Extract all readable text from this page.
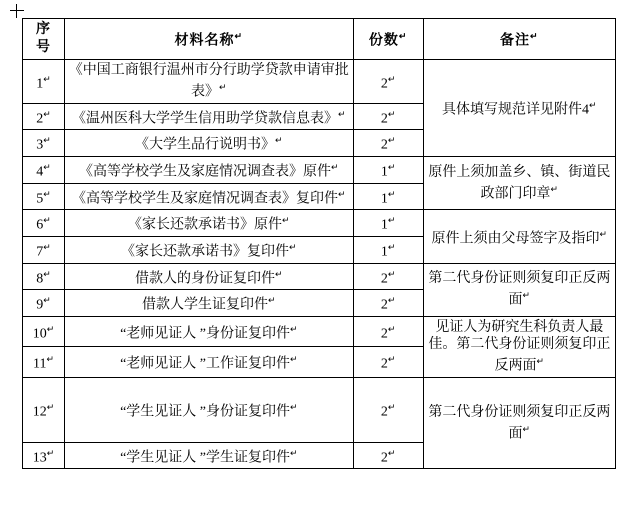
序
号	材料名称↵	份数↵	备注↵
1↵	《中国工商银行温州市分行助学贷款申请审批表》↵	2↵	具体填写规范详见附件4↵
2↵	《温州医科大学学生信用助学贷款信息表》↵	2↵
3↵	《大学生品行说明书》↵	2↵
4↵	《高等学校学生及家庭情况调查表》原件↵	1↵	原件上须加盖乡、镇、街道民政部门印章↵
5↵	《高等学校学生及家庭情况调查表》复印件↵	1↵
6↵	《家长还款承诺书》原件↵	1↵	原件上须由父母签字及指印↵
7↵	《家长还款承诺书》复印件↵	1↵
8↵	借款人的身份证复印件↵	2↵	第二代身份证则须复印正反两面↵
9↵	借款人学生证复印件↵	2↵
10↵	“老师见证人 ”身份证复印件↵	2↵	见证人为研究生科负责人最佳。第二代身份证则须复印正反两面↵
11↵	“老师见证人 ”工作证复印件↵	2↵
12↵	“学生见证人 ”身份证复印件↵	2↵	第二代身份证则须复印正反两面↵
13↵	“学生见证人 ”学生证复印件↵	2↵
